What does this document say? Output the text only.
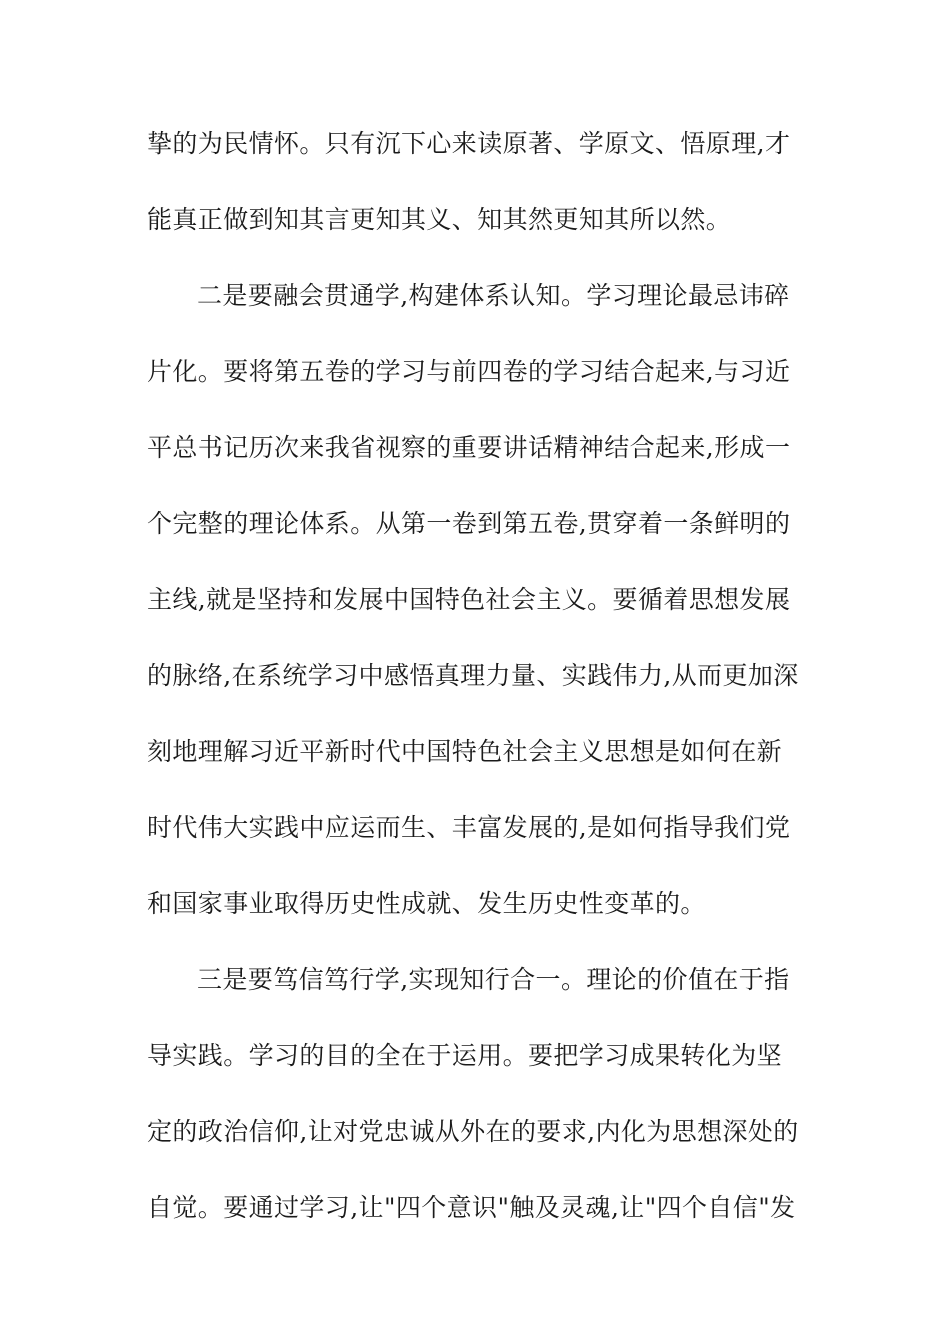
挚的为民情怀。只有沉下心来读原著、学原文、悟原理,才
能真正做到知其言更知其义、知其然更知其所以然。
二是要融会贯通学,构建体系认知。学习理论最忌讳碎
片化。要将第五卷的学习与前四卷的学习结合起来,与习近
平总书记历次来我省视察的重要讲话精神结合起来,形成一
个完整的理论体系。从第一卷到第五卷,贯穿着一条鲜明的
主线,就是坚持和发展中国特色社会主义。要循着思想发展
的脉络,在系统学习中感悟真理力量、实践伟力,从而更加深
刻地理解习近平新时代中国特色社会主义思想是如何在新
时代伟大实践中应运而生、丰富发展的,是如何指导我们党
和国家事业取得历史性成就、发生历史性变革的。
三是要笃信笃行学,实现知行合一。理论的价值在于指
导实践。学习的目的全在于运用。要把学习成果转化为坚
定的政治信仰,让对党忠诚从外在的要求,内化为思想深处的
自觉。要通过学习,让"四个意识"触及灵魂,让"四个自信"发
